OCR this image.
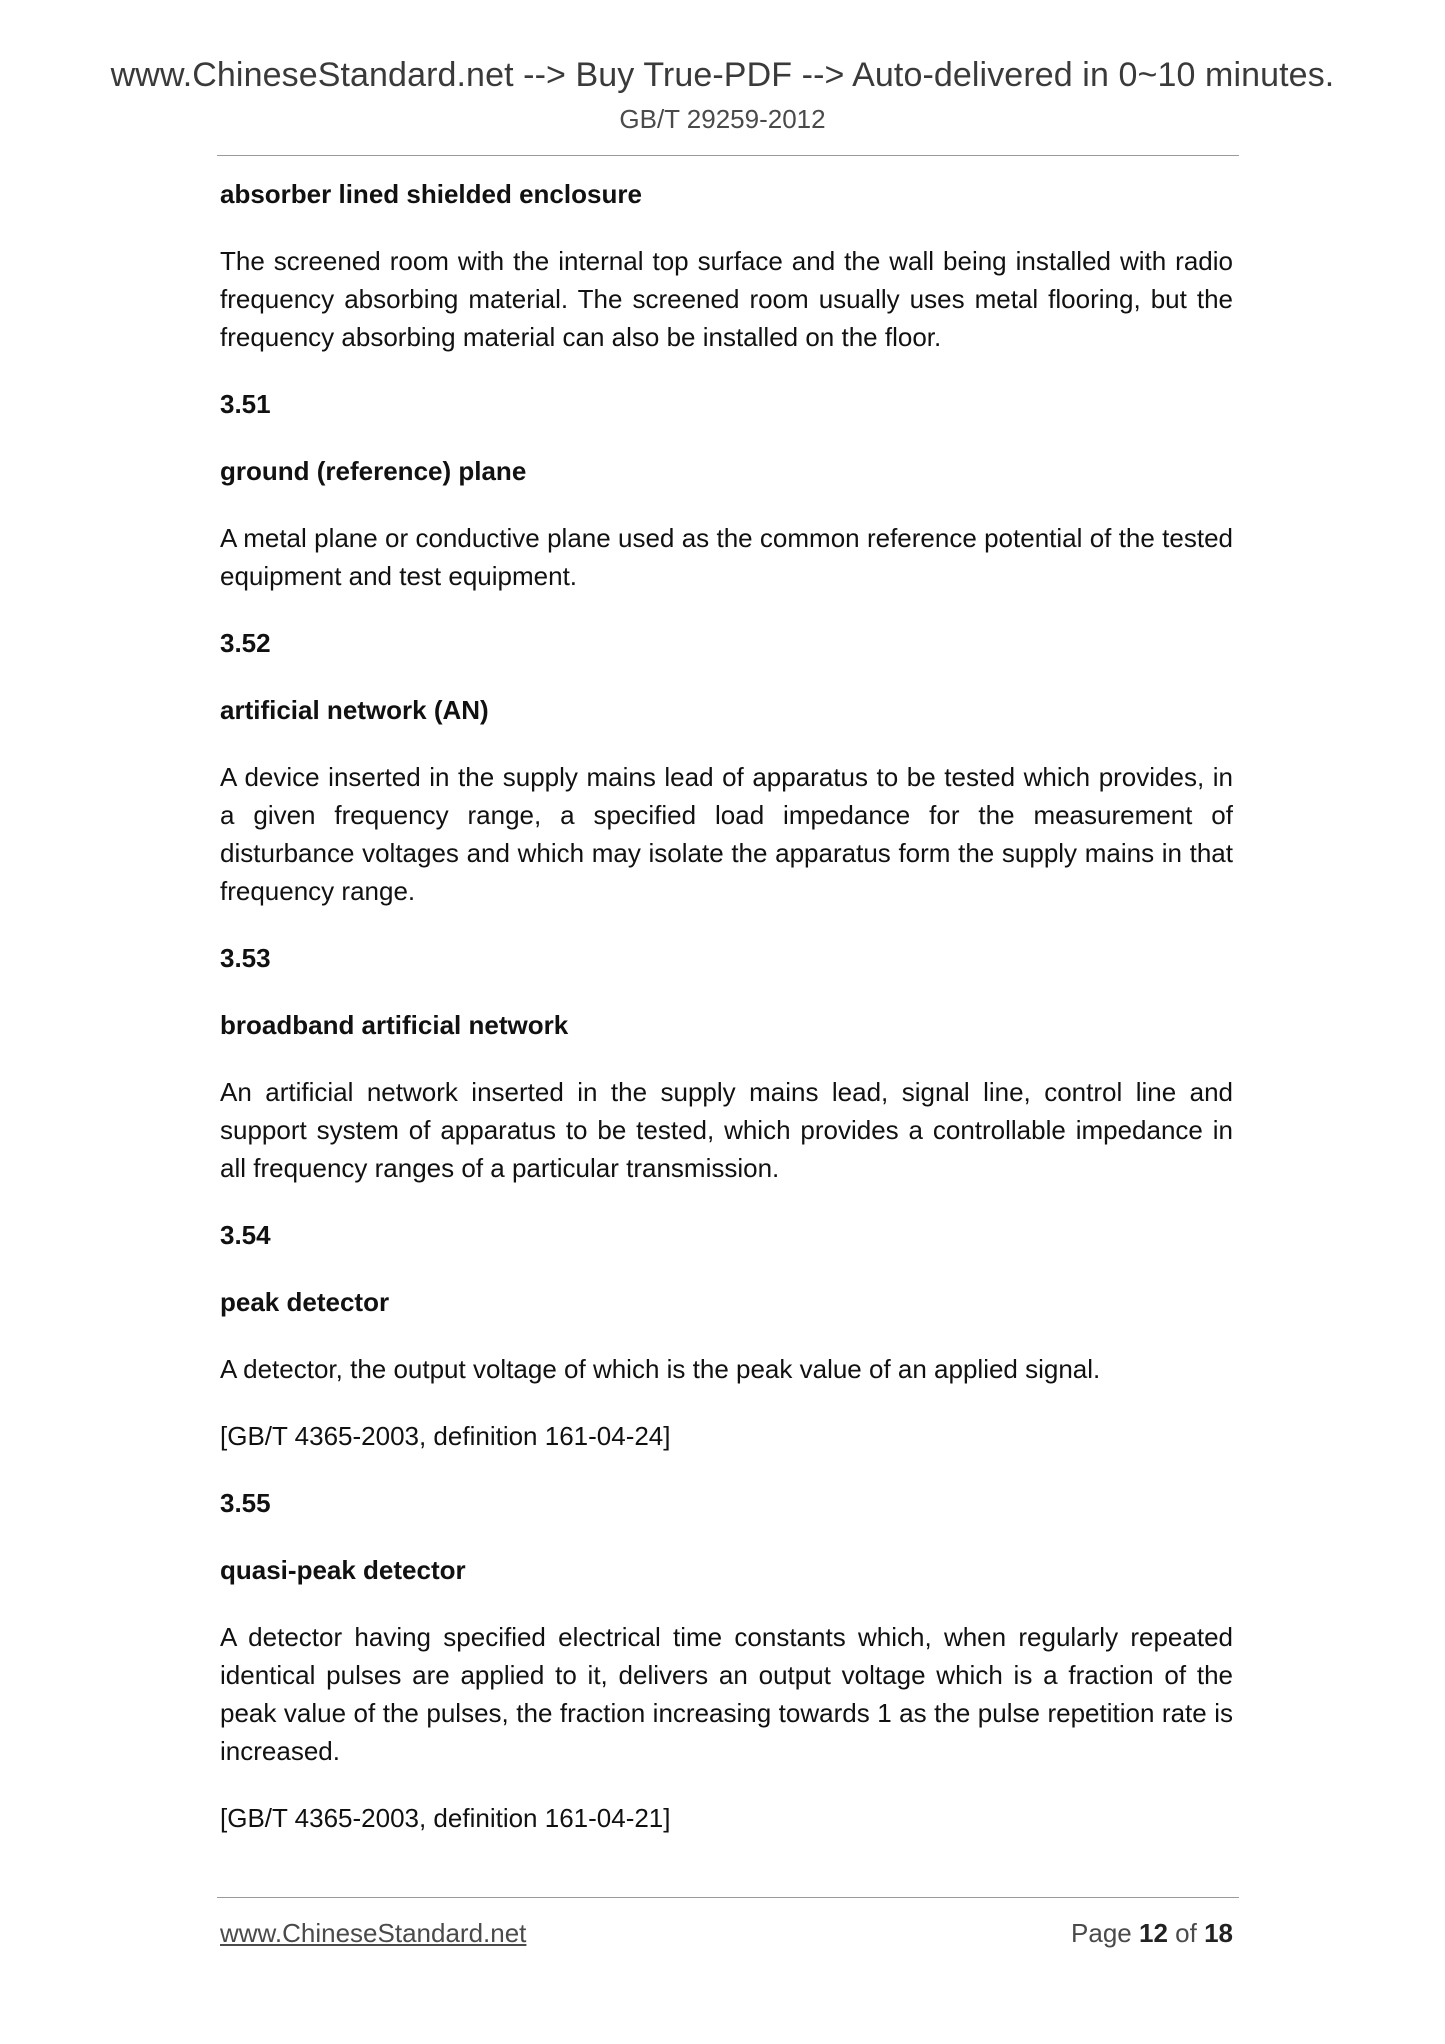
www.ChineseStandard.net --> Buy True-PDF --> Auto-delivered in 0~10 minutes.
GB/T 29259-2012

absorber lined shielded enclosure

The screened room with the internal top surface and the wall being installed with radio frequency absorbing material. The screened room usually uses metal flooring, but the frequency absorbing material can also be installed on the floor.

3.51

ground (reference) plane

A metal plane or conductive plane used as the common reference potential of the tested equipment and test equipment.

3.52

artificial network (AN)

A device inserted in the supply mains lead of apparatus to be tested which provides, in a given frequency range, a specified load impedance for the measurement of disturbance voltages and which may isolate the apparatus form the supply mains in that frequency range.

3.53

broadband artificial network

An artificial network inserted in the supply mains lead, signal line, control line and support system of apparatus to be tested, which provides a controllable impedance in all frequency ranges of a particular transmission.

3.54

peak detector

A detector, the output voltage of which is the peak value of an applied signal.

[GB/T 4365-2003, definition 161-04-24]

3.55

quasi-peak detector

A detector having specified electrical time constants which, when regularly repeated identical pulses are applied to it, delivers an output voltage which is a fraction of the peak value of the pulses, the fraction increasing towards 1 as the pulse repetition rate is increased.

[GB/T 4365-2003, definition 161-04-21]

www.ChineseStandard.net	Page 12 of 18
